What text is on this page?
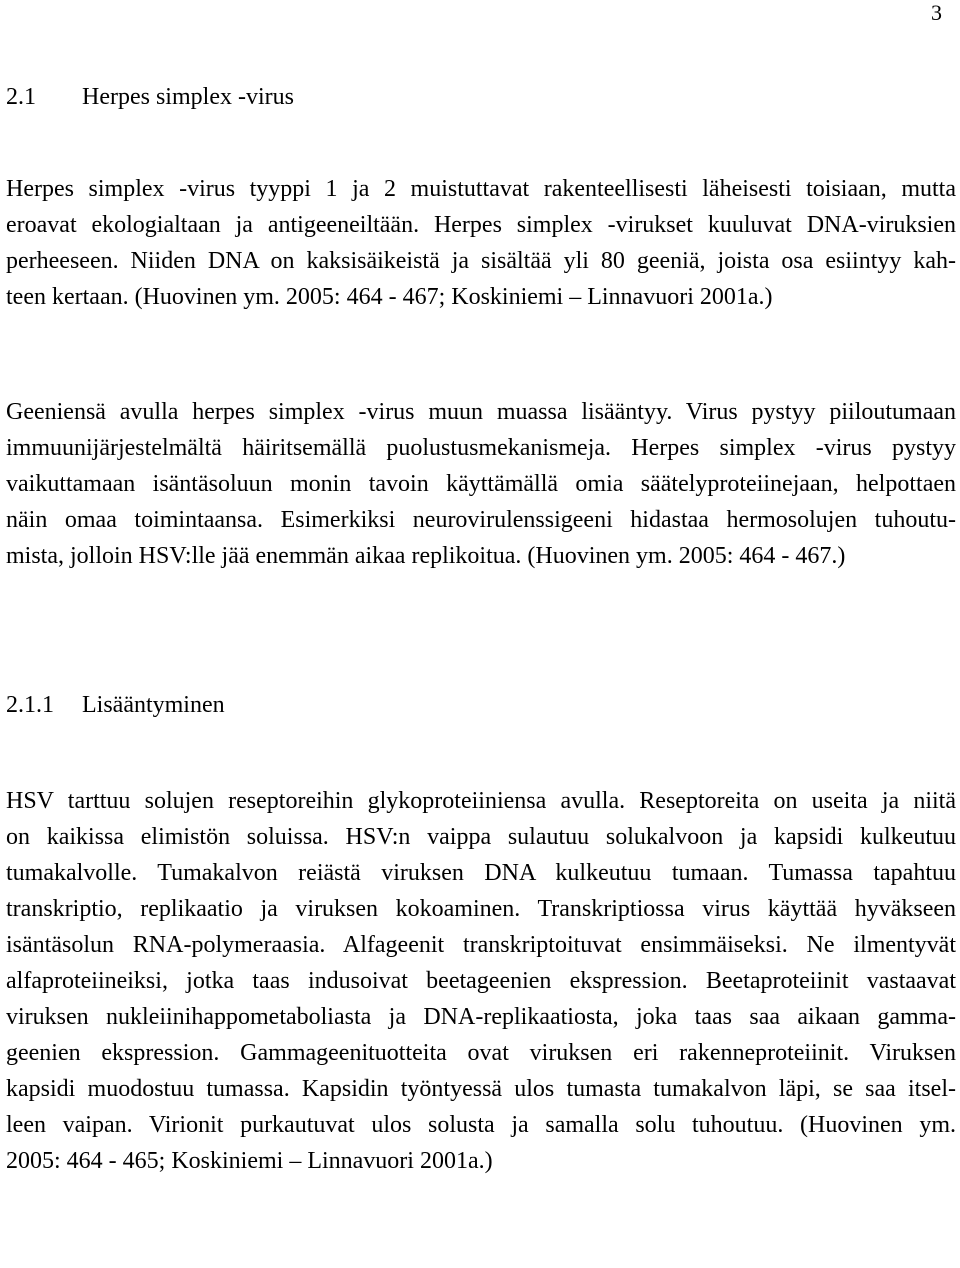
3
2.1 Herpes simplex -virus
Herpes simplex -virus tyyppi 1 ja 2 muistuttavat rakenteellisesti läheisesti toisiaan, mutta
eroavat ekologialtaan ja antigeeneiltään. Herpes simplex -virukset kuuluvat DNA-viruksien
perheeseen. Niiden DNA on kaksisäikeistä ja sisältää yli 80 geeniä, joista osa esiintyy kah-
teen kertaan. (Huovinen ym. 2005: 464 - 467; Koskiniemi – Linnavuori 2001a.)
Geeniensä avulla herpes simplex -virus muun muassa lisääntyy. Virus pystyy piiloutumaan
immuunijärjestelmältä häiritsemällä puolustusmekanismeja. Herpes simplex -virus pystyy
vaikuttamaan isäntäsoluun monin tavoin käyttämällä omia säätelyproteiinejaan, helpottaen
näin omaa toimintaansa. Esimerkiksi neurovirulenssigeeni hidastaa hermosolujen tuhoutu-
mista, jolloin HSV:lle jää enemmän aikaa replikoitua. (Huovinen ym. 2005: 464 - 467.)
2.1.1 Lisääntyminen
HSV tarttuu solujen reseptoreihin glykoproteiiniensa avulla. Reseptoreita on useita ja niitä
on kaikissa elimistön soluissa. HSV:n vaippa sulautuu solukalvoon ja kapsidi kulkeutuu
tumakalvolle. Tumakalvon reiästä viruksen DNA kulkeutuu tumaan. Tumassa tapahtuu
transkriptio, replikaatio ja viruksen kokoaminen. Transkriptiossa virus käyttää hyväkseen
isäntäsolun RNA-polymeraasia. Alfageenit transkriptoituvat ensimmäiseksi. Ne ilmentyvät
alfaproteiineiksi, jotka taas indusoivat beetageenien ekspression. Beetaproteiinit vastaavat
viruksen nukleiinihappometaboliasta ja DNA-replikaatiosta, joka taas saa aikaan gamma-
geenien ekspression. Gammageenituotteita ovat viruksen eri rakenneproteiinit. Viruksen
kapsidi muodostuu tumassa. Kapsidin työntyessä ulos tumasta tumakalvon läpi, se saa itsel-
leen vaipan. Virionit purkautuvat ulos solusta ja samalla solu tuhoutuu. (Huovinen ym.
2005: 464 - 465; Koskiniemi – Linnavuori 2001a.)
